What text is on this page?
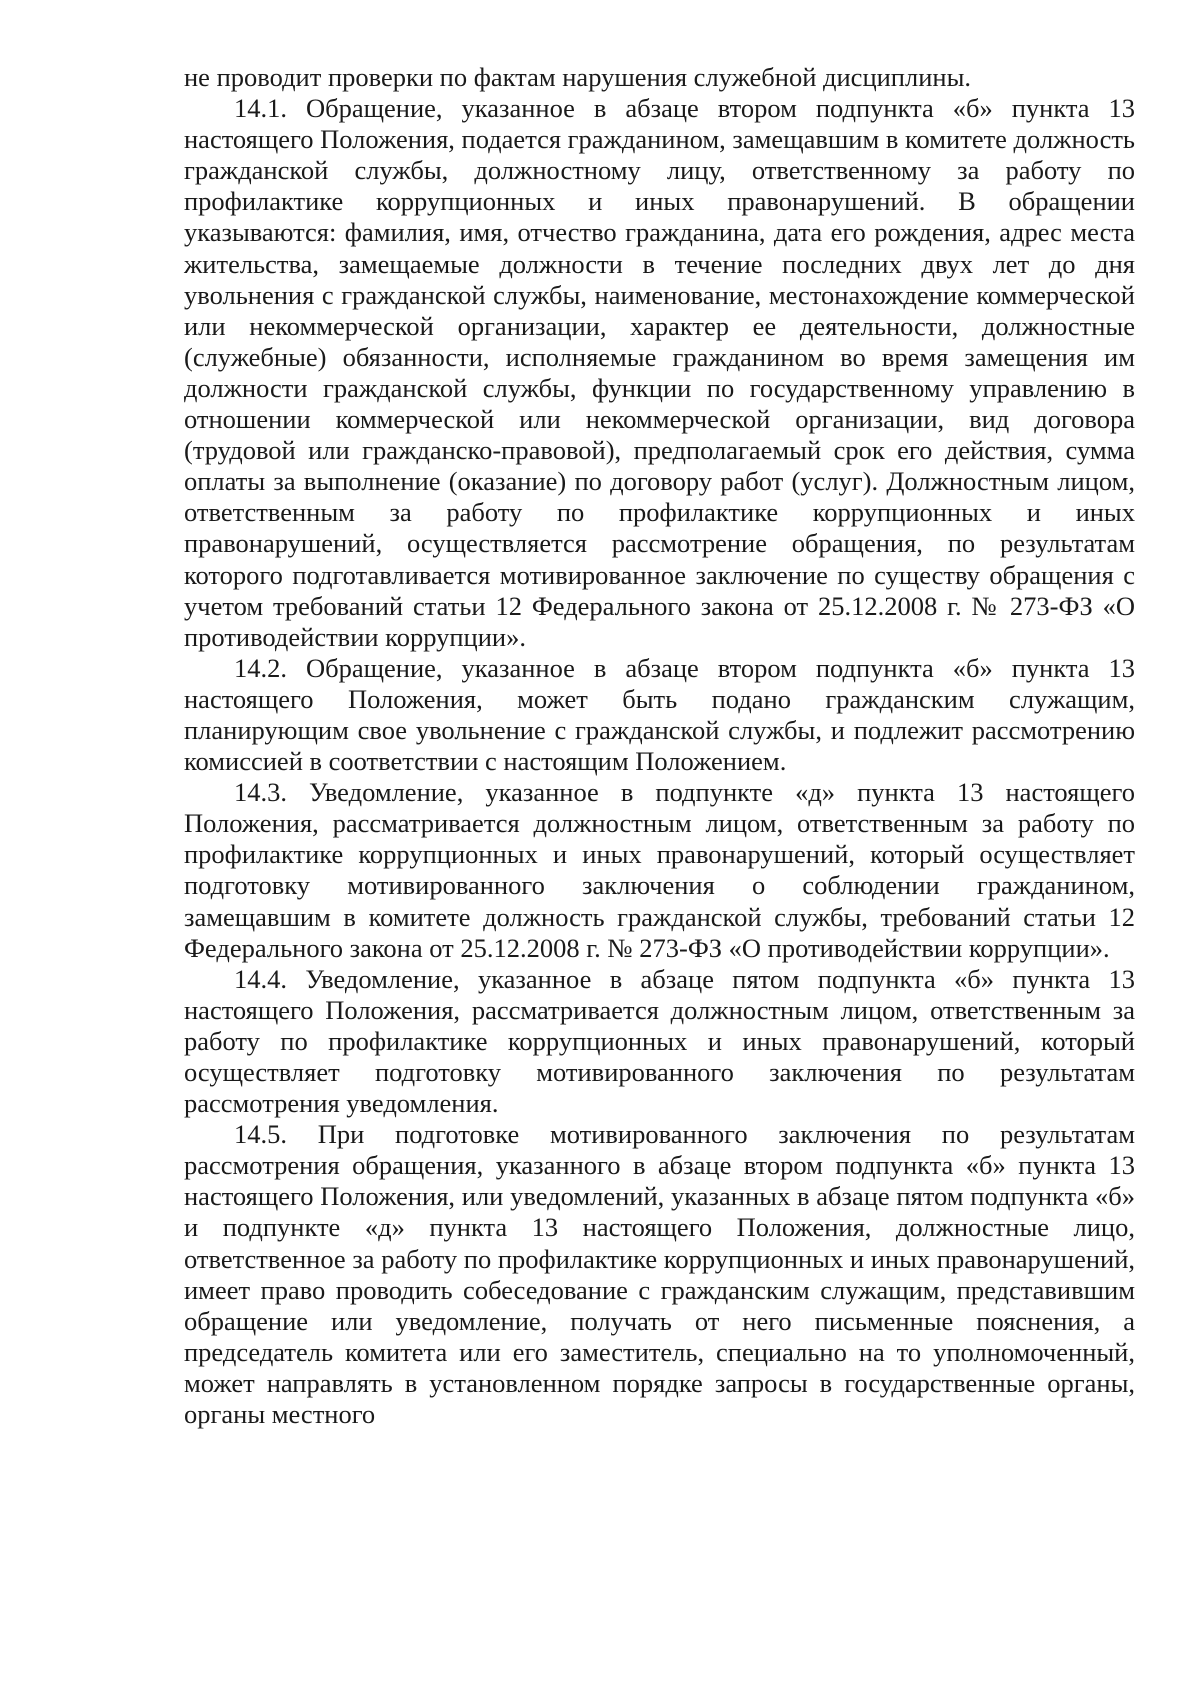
не проводит проверки по фактам нарушения служебной дисциплины.

14.1. Обращение, указанное в абзаце втором подпункта «б» пункта 13 настоящего Положения, подается гражданином, замещавшим в комитете должность гражданской службы, должностному лицу, ответственному за работу по профилактике коррупционных и иных правонарушений. В обращении указываются: фамилия, имя, отчество гражданина, дата его рождения, адрес места жительства, замещаемые должности в течение последних двух лет до дня увольнения с гражданской службы, наименование, местонахождение коммерческой или некоммерческой организации, характер ее деятельности, должностные (служебные) обязанности, исполняемые гражданином во время замещения им должности гражданской службы, функции по государственному управлению в отношении коммерческой или некоммерческой организации, вид договора (трудовой или гражданско-правовой), предполагаемый срок его действия, сумма оплаты за выполнение (оказание) по договору работ (услуг). Должностным лицом, ответственным за работу по профилактике коррупционных и иных правонарушений, осуществляется рассмотрение обращения, по результатам которого подготавливается мотивированное заключение по существу обращения с учетом требований статьи 12 Федерального закона от 25.12.2008 г. № 273-ФЗ «О противодействии коррупции».

14.2. Обращение, указанное в абзаце втором подпункта «б» пункта 13 настоящего Положения, может быть подано гражданским служащим, планирующим свое увольнение с гражданской службы, и подлежит рассмотрению комиссией в соответствии с настоящим Положением.

14.3. Уведомление, указанное в подпункте «д» пункта 13 настоящего Положения, рассматривается должностным лицом, ответственным за работу по профилактике коррупционных и иных правонарушений, который осуществляет подготовку мотивированного заключения о соблюдении гражданином, замещавшим в комитете должность гражданской службы, требований статьи 12 Федерального закона от 25.12.2008 г. № 273-ФЗ «О противодействии коррупции».

14.4. Уведомление, указанное в абзаце пятом подпункта «б» пункта 13 настоящего Положения, рассматривается должностным лицом, ответственным за работу по профилактике коррупционных и иных правонарушений, который осуществляет подготовку мотивированного заключения по результатам рассмотрения уведомления.

14.5. При подготовке мотивированного заключения по результатам рассмотрения обращения, указанного в абзаце втором подпункта «б» пункта 13 настоящего Положения, или уведомлений, указанных в абзаце пятом подпункта «б» и подпункте «д» пункта 13 настоящего Положения, должностные лицо, ответственное за работу по профилактике коррупционных и иных правонарушений, имеет право проводить собеседование с гражданским служащим, представившим обращение или уведомление, получать от него письменные пояснения, а председатель комитета или его заместитель, специально на то уполномоченный, может направлять в установленном порядке запросы в государственные органы, органы местного
